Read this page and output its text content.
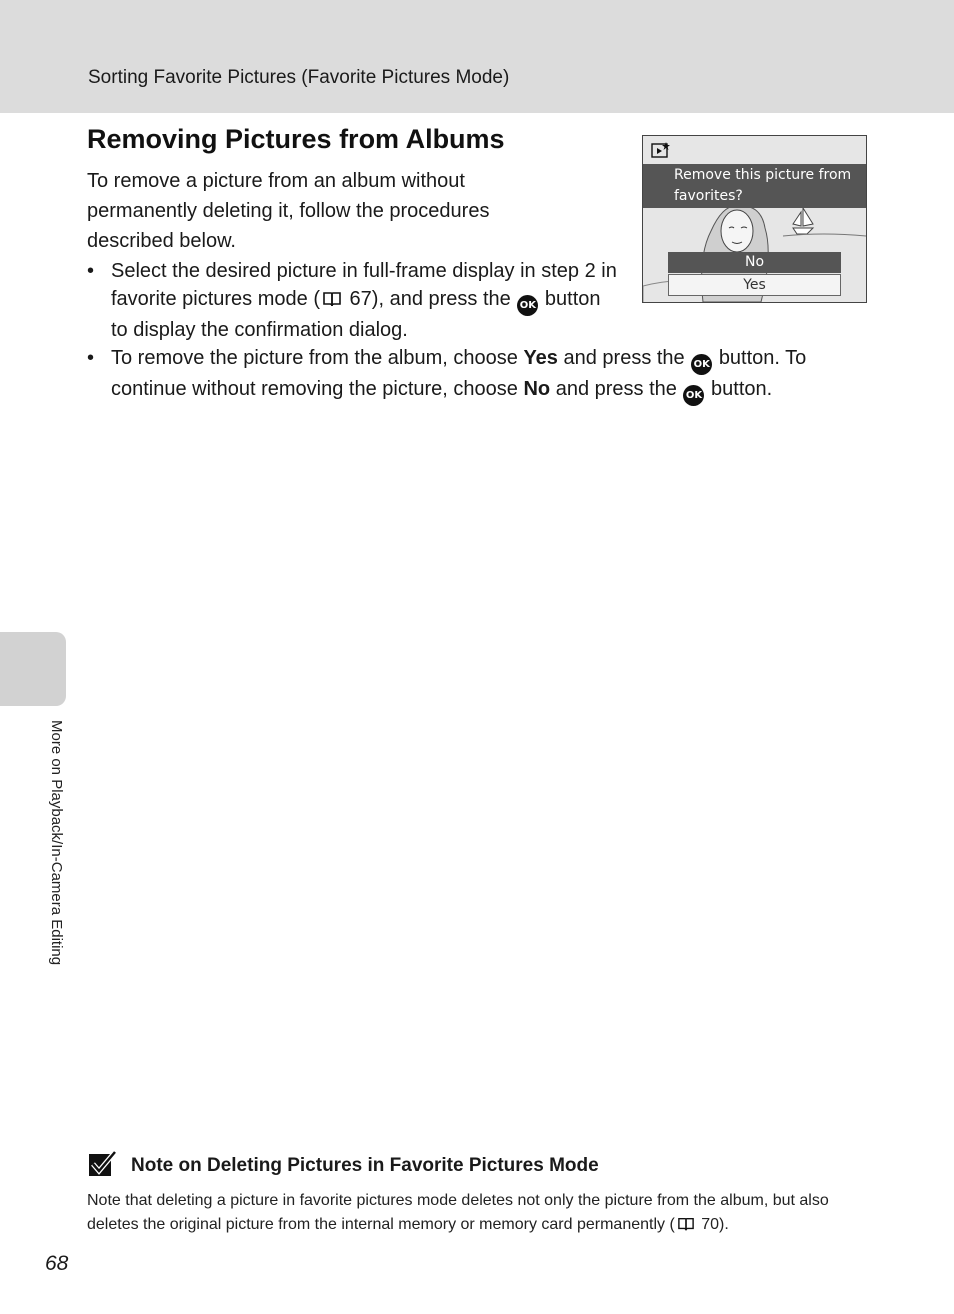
Sorting Favorite Pictures (Favorite Pictures Mode)
More on Playback/In-Camera Editing
Removing Pictures from Albums

To remove a picture from an album without permanently deleting it, follow the procedures described below.

• Select the desired picture in full-frame display in step 2 in favorite pictures mode ( 67), and press the OK button to display the confirmation dialog.
• To remove the picture from the album, choose Yes and press the OK button. To continue without removing the picture, choose No and press the OK button.
Remove this picture from favorites?
No
Yes
Note on Deleting Pictures in Favorite Pictures Mode
Note that deleting a picture in favorite pictures mode deletes not only the picture from the album, but also deletes the original picture from the internal memory or memory card permanently ( 70).
68
